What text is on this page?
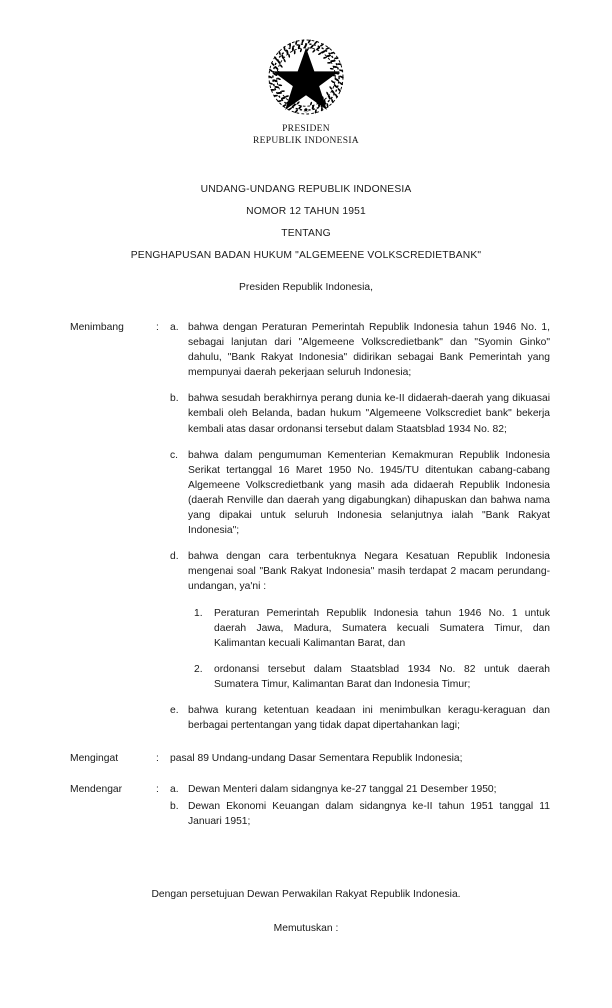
PRESIDEN
REPUBLIK INDONESIA
UNDANG-UNDANG REPUBLIK INDONESIA
NOMOR 12 TAHUN 1951
TENTANG
PENGHAPUSAN BADAN HUKUM "ALGEMEENE VOLKSCREDIETBANK"
Presiden Republik Indonesia,
Menimbang	:	a. bahwa dengan Peraturan Pemerintah Republik Indonesia tahun 1946 No. 1, sebagai lanjutan dari "Algemeene Volkscredietbank" dan "Syomin Ginko" dahulu, "Bank Rakyat Indonesia" didirikan sebagai Bank Pemerintah yang mempunyai daerah pekerjaan seluruh Indonesia;
b. bahwa sesudah berakhirnya perang dunia ke-II didaerah-daerah yang dikuasai kembali oleh Belanda, badan hukum "Algemeene Volkscrediet bank" bekerja kembali atas dasar ordonansi tersebut dalam Staatsblad 1934 No. 82;
c. bahwa dalam pengumuman Kementerian Kemakmuran Republik Indonesia Serikat tertanggal 16 Maret 1950 No. 1945/TU ditentukan cabang-cabang Algemeene Volkscredietbank yang masih ada didaerah Republik Indonesia (daerah Renville dan daerah yang digabungkan) dihapuskan dan bahwa nama yang dipakai untuk seluruh Indonesia selanjutnya ialah "Bank Rakyat Indonesia";
d. bahwa dengan cara terbentuknya Negara Kesatuan Republik Indonesia mengenai soal "Bank Rakyat Indonesia" masih terdapat 2 macam perundang-undangan, ya'ni :
1.	Peraturan Pemerintah Republik Indonesia tahun 1946 No. 1 untuk daerah Jawa, Madura, Sumatera kecuali Sumatera Timur, dan Kalimantan kecuali Kalimantan Barat, dan
2.	ordonansi tersebut dalam Staatsblad 1934 No. 82 untuk daerah Sumatera Timur, Kalimantan Barat dan Indonesia Timur;
e. bahwa kurang ketentuan keadaan ini menimbulkan keragu-keraguan dan berbagai pertentangan yang tidak dapat dipertahankan lagi;
Mengingat	:	pasal 89 Undang-undang Dasar Sementara Republik Indonesia;
Mendengar	:	a. Dewan Menteri dalam sidangnya ke-27 tanggal 21 Desember 1950;
b. Dewan Ekonomi Keuangan dalam sidangnya ke-II tahun 1951 tanggal 11 Januari 1951;
Dengan persetujuan Dewan Perwakilan Rakyat Republik Indonesia.
Memutuskan :
